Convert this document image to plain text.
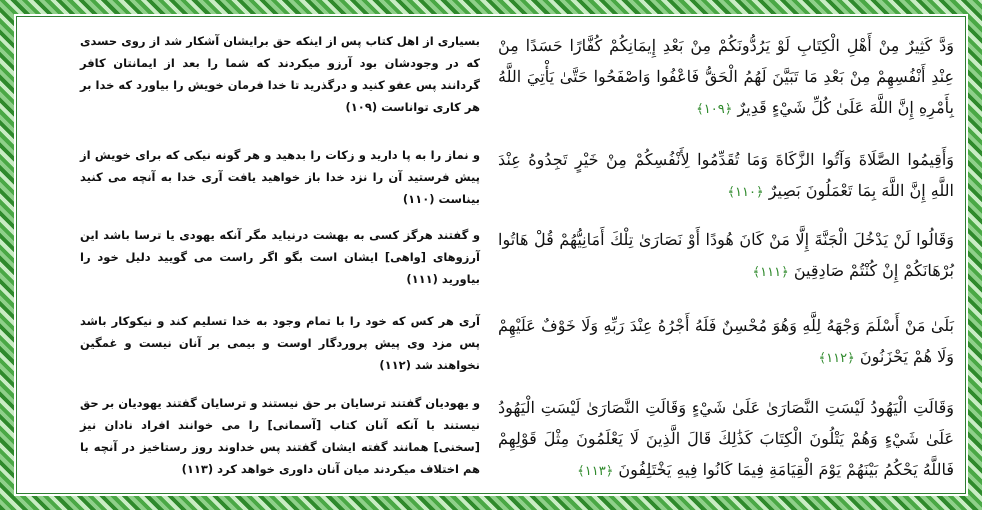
بسیاری از اهل کتاب پس از اینکه حق برایشان آشکار شد از روی حسدی که در وجودشان بود آرزو میکردند که شما را بعد از ایمانتان کافر گردانند پس عفو کنید و درگذرید تا خدا فرمان خویش را بیاورد که خدا بر هر کاری تواناست (۱۰۹)
وَدَّ كَثِيرٌ مِنْ أَهْلِ الْكِتَابِ لَوْ يَرُدُّونَكُمْ مِنْ بَعْدِ إِيمَانِكُمْ كُفَّارًا حَسَدًا مِنْ عِنْدِ أَنْفُسِهِمْ مِنْ بَعْدِ مَا تَبَيَّنَ لَهُمُ الْحَقُّ فَاعْفُوا وَاصْفَحُوا حَتَّىٰ يَأْتِيَ اللَّهُ بِأَمْرِهِ إِنَّ اللَّهَ عَلَىٰ كُلِّ شَيْءٍ قَدِيرٌ ﴿١٠٩﴾
و نماز را به پا دارید و زکات را بدهید و هر گونه نیکی که برای خویش از پیش فرستید آن را نزد خدا باز خواهید یافت آری خدا به آنچه می کنید بیناست (۱۱۰)
وَأَقِيمُوا الصَّلَاةَ وَآتُوا الزَّكَاةَ وَمَا تُقَدِّمُوا لِأَنْفُسِكُمْ مِنْ خَيْرٍ تَجِدُوهُ عِنْدَ اللَّهِ إِنَّ اللَّهَ بِمَا تَعْمَلُونَ بَصِيرٌ ﴿١١٠﴾
و گفتند هرگز کسی به بهشت درنیاید مگر آنکه یهودی یا ترسا باشد این آرزوهای [واهی] ایشان است بگو اگر راست می گویید دلیل خود را بیاورید (۱۱۱)
وَقَالُوا لَنْ يَدْخُلَ الْجَنَّةَ إِلَّا مَنْ كَانَ هُودًا أَوْ نَصَارَىٰ تِلْكَ أَمَانِيُّهُمْ قُلْ هَاتُوا بُرْهَانَكُمْ إِنْ كُنْتُمْ صَادِقِينَ ﴿١١١﴾
آری هر کس که خود را با تمام وجود به خدا تسلیم کند و نیکوکار باشد پس مزد وی پیش پروردگار اوست و بیمی بر آنان نیست و غمگین نخواهند شد (۱۱۲)
بَلَىٰ مَنْ أَسْلَمَ وَجْهَهُ لِلَّهِ وَهُوَ مُحْسِنٌ فَلَهُ أَجْرُهُ عِنْدَ رَبِّهِ وَلَا خَوْفٌ عَلَيْهِمْ وَلَا هُمْ يَحْزَنُونَ ﴿١١٢﴾
و یهودیان گفتند ترسایان بر حق نیستند و ترسایان گفتند یهودیان بر حق نیستند با آنکه آنان کتاب [آسمانی] را می خوانند افراد نادان نیز [سخنی] همانند گفته ایشان گفتند پس خداوند روز رستاخیز در آنچه با هم اختلاف میکردند میان آنان داوری خواهد کرد (۱۱۳)
وَقَالَتِ الْيَهُودُ لَيْسَتِ النَّصَارَىٰ عَلَىٰ شَيْءٍ وَقَالَتِ النَّصَارَىٰ لَيْسَتِ الْيَهُودُ عَلَىٰ شَيْءٍ وَهُمْ يَتْلُونَ الْكِتَابَ كَذَٰلِكَ قَالَ الَّذِينَ لَا يَعْلَمُونَ مِثْلَ قَوْلِهِمْ فَاللَّهُ يَحْكُمُ بَيْنَهُمْ يَوْمَ الْقِيَامَةِ فِيمَا كَانُوا فِيهِ يَخْتَلِفُونَ ﴿١١٣﴾
